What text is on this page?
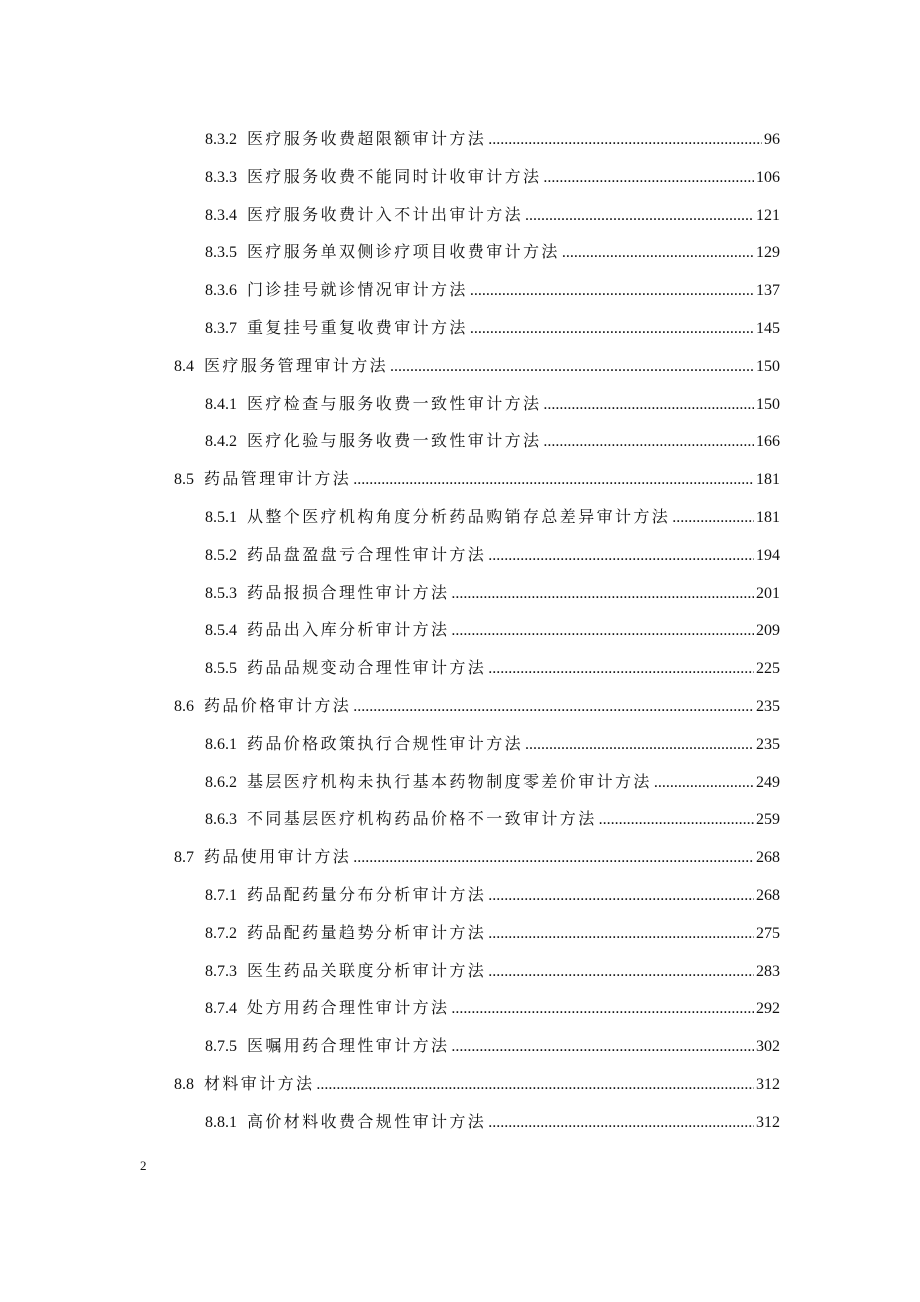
8.3.2 医疗服务收费超限额审计方法 .....	96
8.3.3 医疗服务收费不能同时计收审计方法 .....	106
8.3.4 医疗服务收费计入不计出审计方法 .....	121
8.3.5 医疗服务单双侧诊疗项目收费审计方法 .....	129
8.3.6 门诊挂号就诊情况审计方法 .....	137
8.3.7 重复挂号重复收费审计方法 .....	145
8.4 医疗服务管理审计方法 .....	150
8.4.1 医疗检查与服务收费一致性审计方法 .....	150
8.4.2 医疗化验与服务收费一致性审计方法 .....	166
8.5 药品管理审计方法 .....	181
8.5.1 从整个医疗机构角度分析药品购销存总差异审计方法 .....	181
8.5.2 药品盘盈盘亏合理性审计方法 .....	194
8.5.3 药品报损合理性审计方法 .....	201
8.5.4 药品出入库分析审计方法 .....	209
8.5.5 药品品规变动合理性审计方法 .....	225
8.6 药品价格审计方法 .....	235
8.6.1 药品价格政策执行合规性审计方法 .....	235
8.6.2 基层医疗机构未执行基本药物制度零差价审计方法 .....	249
8.6.3 不同基层医疗机构药品价格不一致审计方法 .....	259
8.7 药品使用审计方法 .....	268
8.7.1 药品配药量分布分析审计方法 .....	268
8.7.2 药品配药量趋势分析审计方法 .....	275
8.7.3 医生药品关联度分析审计方法 .....	283
8.7.4 处方用药合理性审计方法 .....	292
8.7.5 医嘱用药合理性审计方法 .....	302
8.8 材料审计方法 .....	312
8.8.1 高价材料收费合规性审计方法 .....	312
2
